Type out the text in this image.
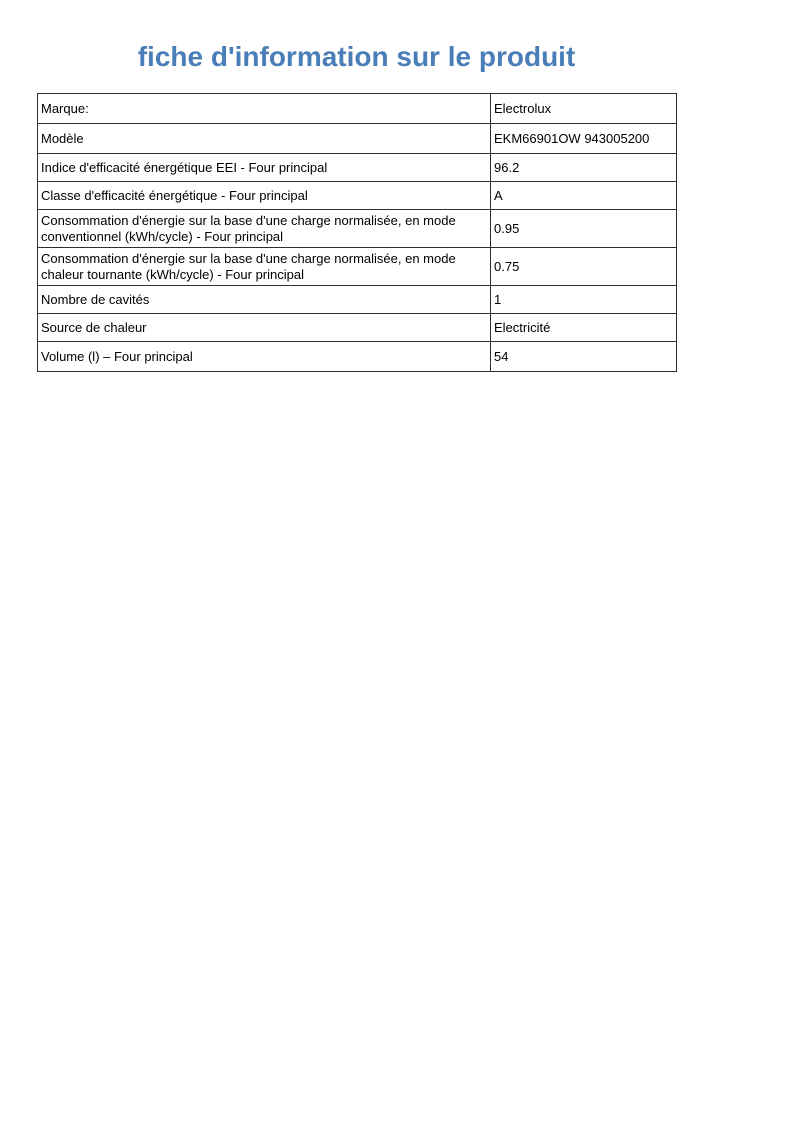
fiche d'information sur le produit
Marque:	Electrolux
Modèle	EKM66901OW 943005200
Indice d'efficacité énergétique EEI - Four principal	96.2
Classe d'efficacité énergétique - Four principal	A
Consommation d'énergie sur la base d'une charge normalisée, en mode conventionnel (kWh/cycle) - Four principal	0.95
Consommation d'énergie sur la base d'une charge normalisée, en mode chaleur tournante (kWh/cycle) - Four principal	0.75
Nombre de cavités	1
Source de chaleur	Electricité
Volume (l) – Four principal	54
